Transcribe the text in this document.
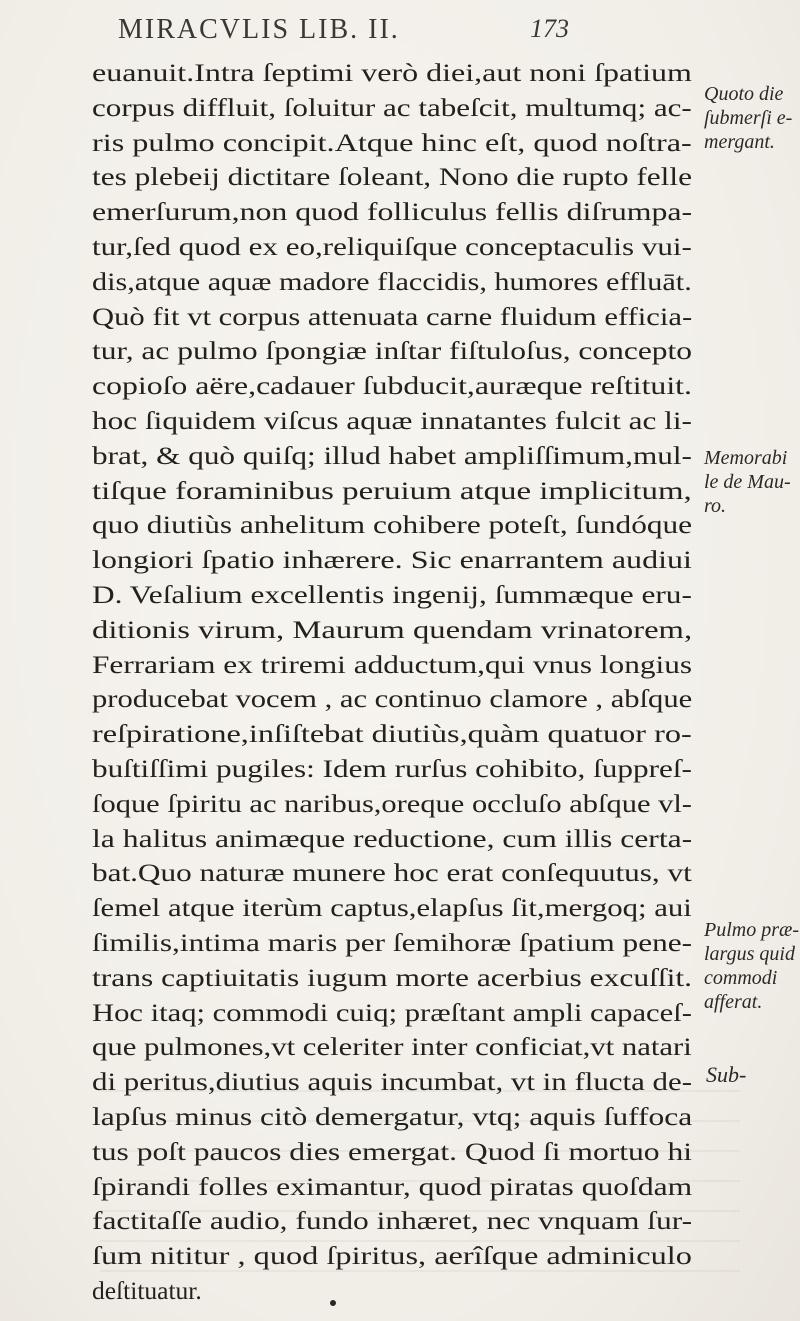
MIRACVLIS LIB. II.	173
euanuit.Intra ſeptimi verò diei,aut noni ſpatium
corpus diffluit, ſoluitur ac tabeſcit, multumq; ac-
ris pulmo concipit.Atque hinc eſt, quod noſtra-
tes plebeij dictitare ſoleant, Nono die rupto felle
emerſurum,non quod folliculus fellis diſrumpa-
tur,ſed quod ex eo,reliquiſque conceptaculis vui-
dis,atque aquæ madore flaccidis, humores effluāt.
Quò fit vt corpus attenuata carne fluidum efficia-
tur, ac pulmo ſpongiæ inſtar fiſtuloſus, concepto
copioſo aëre,cadauer ſubducit,auræque reſtituit.
hoc ſiquidem viſcus aquæ innatantes fulcit ac li-
brat, & quò quiſq; illud habet ampliſſimum,mul-
tiſque foraminibus peruium atque implicitum,
quo diutiùs anhelitum cohibere poteſt, ſundóque
longiori ſpatio inhærere. Sic enarrantem audiui
D. Veſalium excellentis ingenij, ſummæque eru-
ditionis virum, Maurum quendam vrinatorem,
Ferrariam ex triremi adductum,qui vnus longius
producebat vocem , ac continuo clamore , abſque
reſpiratione,inſiſtebat diutiùs,quàm quatuor ro-
buſtiſſimi pugiles: Idem rurſus cohibito, ſuppreſ-
ſoque ſpiritu ac naribus,oreque occluſo abſque vl-
la halitus animæque reductione, cum illis certa-
bat.Quo naturæ munere hoc erat conſequutus, vt
ſemel atque iterùm captus,elapſus ſit,mergoq; aui
ſimilis,intima maris per ſemihoræ ſpatium pene-
trans captiuitatis iugum morte acerbius excuſſit.
Hoc itaq; commodi cuiq; præſtant ampli capaceſ-
que pulmones,vt celeriter inter conficiat,vt natari
di peritus,diutius aquis incumbat, vt in flucta de-
lapſus minus citò demergatur, vtq; aquis ſuffoca
tus poſt paucos dies emergat. Quod ſi mortuo hi
ſpirandi folles eximantur, quod piratas quoſdam
factitaſſe audio, fundo inhæret, nec vnquam ſur-
ſum nititur , quod ſpiritus, aerîſque adminiculo
deſtituatur.
Quoto die
ſubmerſi e-
mergant.
Memorabi
le de Mau-
ro.
Pulmo præ-
largus quid
commodi
afferat.
Sub-
